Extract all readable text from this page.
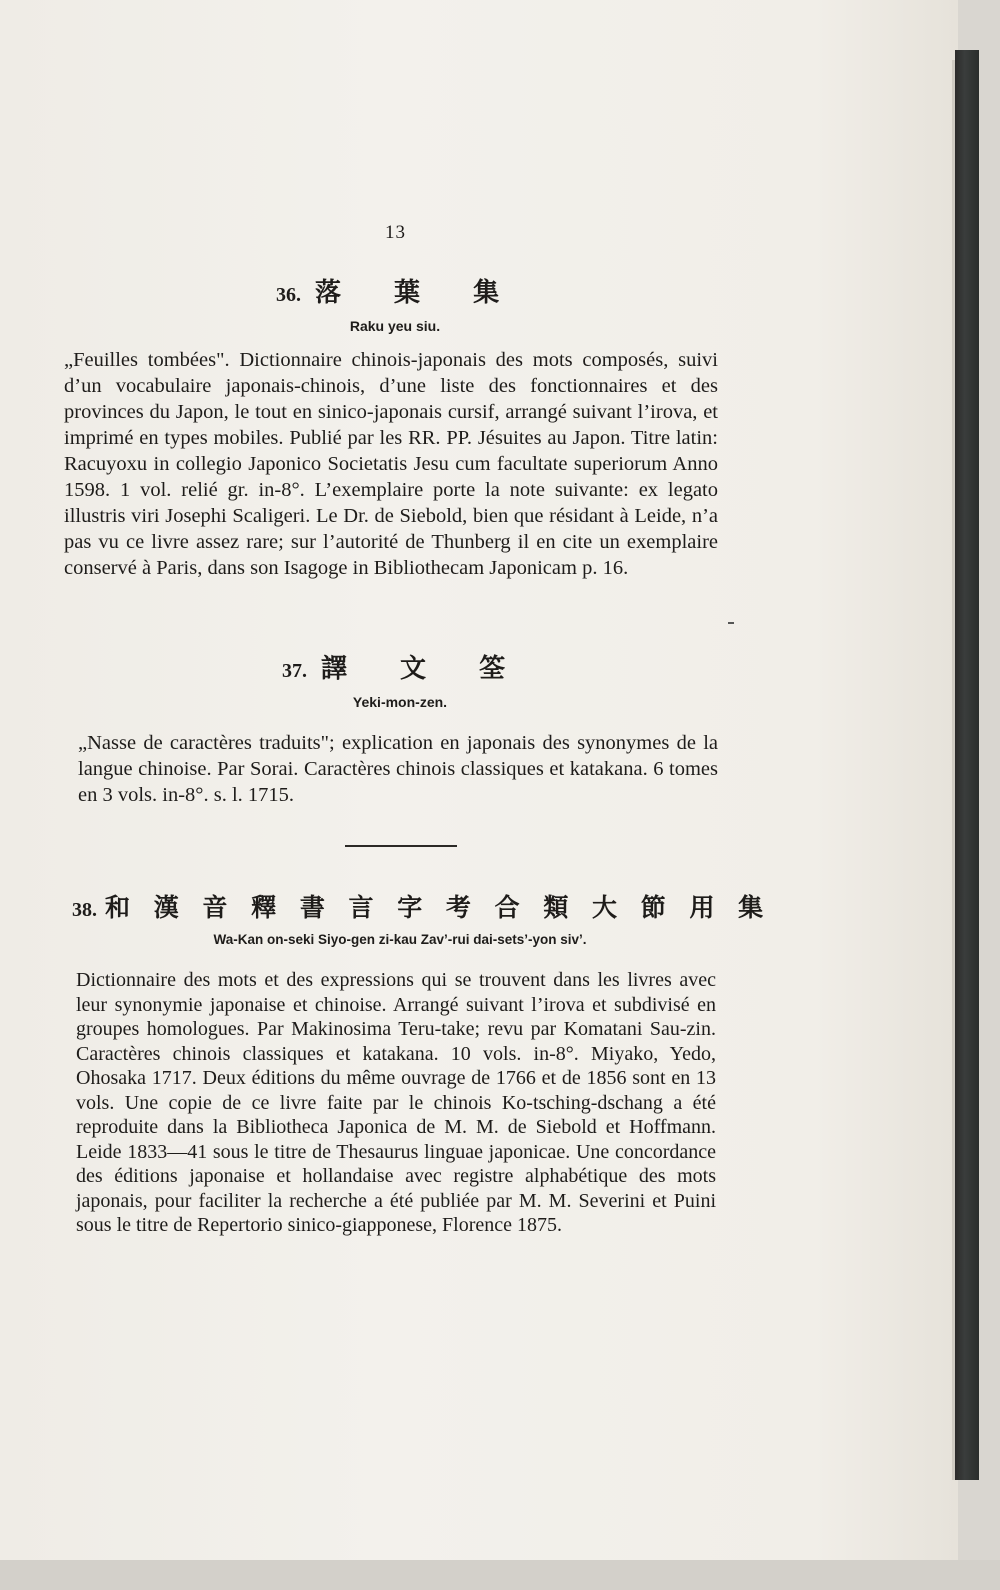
13
36. 落 葉 集
Raku yeu siu.
„Feuilles tombées". Dictionnaire chinois-japonais des mots composés, suivi d’un vocabulaire japonais-chinois, d’une liste des fonctionnaires et des provinces du Japon, le tout en sinico-japonais cursif, arrangé suivant l’irova, et imprimé en types mobiles. Publié par les RR. PP. Jésuites au Japon. Titre latin: Racuyoxu in collegio Japonico Societatis Jesu cum facultate superiorum Anno 1598. 1 vol. relié gr. in-8°. L’exemplaire porte la note suivante: ex legato illustris viri Josephi Scaligeri. Le Dr. de Siebold, bien que résidant à Leide, n’a pas vu ce livre assez rare; sur l’autorité de Thunberg il en cite un exemplaire conservé à Paris, dans son Isagoge in Bibliothecam Japonicam p. 16.
37. 譯 文 筌
Yeki-mon-zen.
„Nasse de caractères traduits"; explication en japonais des synonymes de la langue chinoise. Par Sorai. Caractères chinois classiques et katakana. 6 tomes en 3 vols. in-8°. s. l. 1715.
38. 和 漢 音 釋 書 言 字 考 合 類 大 節 用 集
Wa-Kan on-seki Siyo-gen zi-kau Zav’-rui dai-sets’-yon siv’.
Dictionnaire des mots et des expressions qui se trouvent dans les livres avec leur synonymie japonaise et chinoise. Arrangé suivant l’irova et subdivisé en groupes homologues. Par Makinosima Teru-take; revu par Komatani Sau-zin. Caractères chinois classiques et katakana. 10 vols. in-8°. Miyako, Yedo, Ohosaka 1717. Deux éditions du même ouvrage de 1766 et de 1856 sont en 13 vols. Une copie de ce livre faite par le chinois Ko-tsching-dschang a été reproduite dans la Bibliotheca Japonica de M. M. de Siebold et Hoffmann. Leide 1833—41 sous le titre de Thesaurus linguae japonicae. Une concordance des éditions japonaise et hollandaise avec registre alphabétique des mots japonais, pour faciliter la recherche a été publiée par M. M. Severini et Puini sous le titre de Repertorio sinico-giapponese, Florence 1875.
